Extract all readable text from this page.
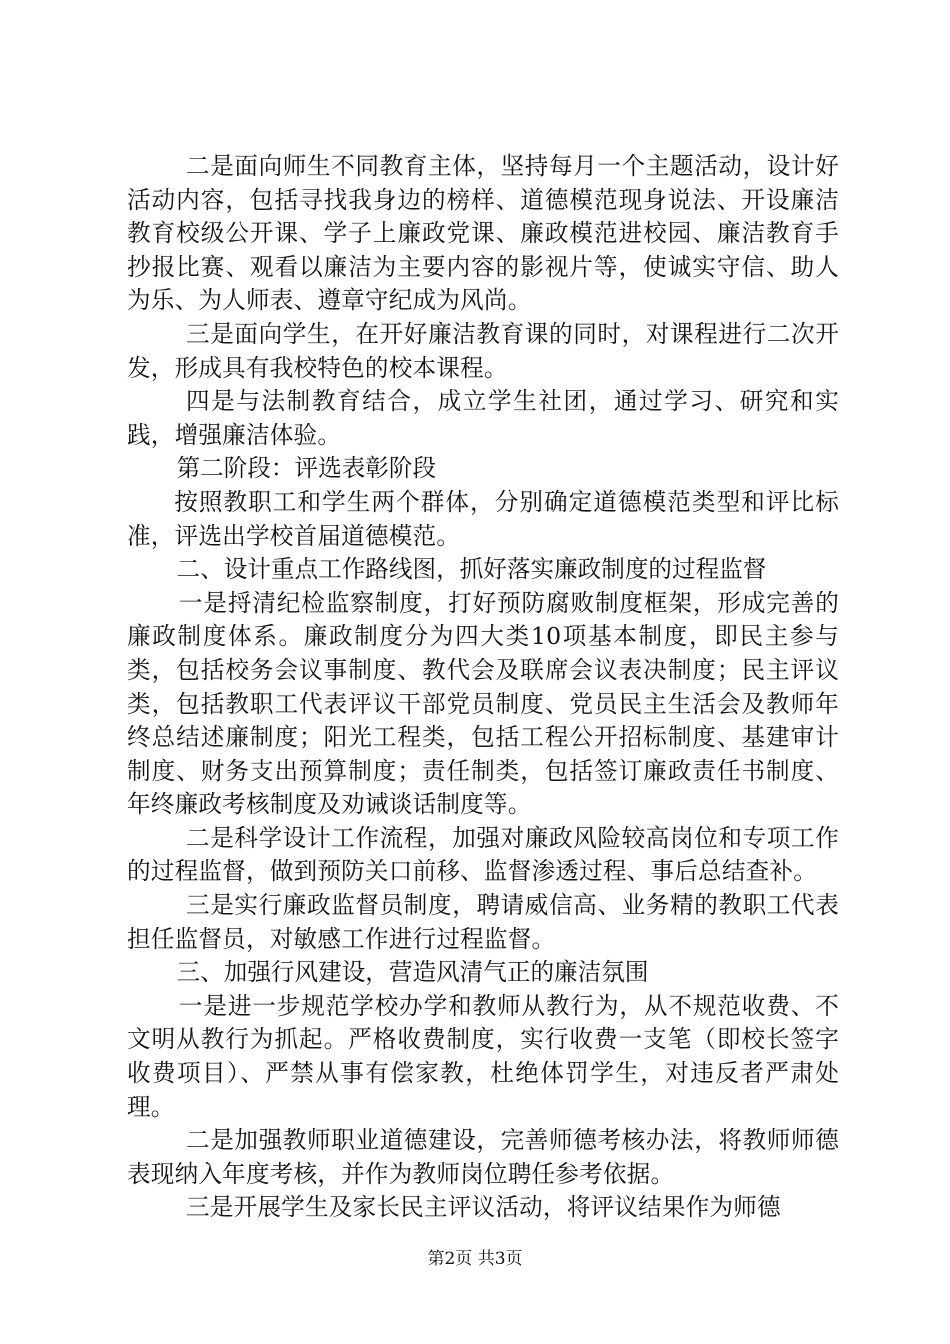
二是面向师生不同教育主体，坚持每月一个主题活动，设计好活动内容，包括寻找我身边的榜样、道德模范现身说法、开设廉洁教育校级公开课、学子上廉政党课、廉政模范进校园、廉洁教育手抄报比赛、观看以廉洁为主要内容的影视片等，使诚实守信、助人为乐、为人师表、遵章守纪成为风尚。

三是面向学生，在开好廉洁教育课的同时，对课程进行二次开发，形成具有我校特色的校本课程。

四是与法制教育结合，成立学生社团，通过学习、研究和实践，增强廉洁体验。

第二阶段：评选表彰阶段

按照教职工和学生两个群体，分别确定道德模范类型和评比标准，评选出学校首届道德模范。

二、设计重点工作路线图，抓好落实廉政制度的过程监督

一是捋清纪检监察制度，打好预防腐败制度框架，形成完善的廉政制度体系。廉政制度分为四大类10项基本制度，即民主参与类，包括校务会议事制度、教代会及联席会议表决制度；民主评议类，包括教职工代表评议干部党员制度、党员民主生活会及教师年终总结述廉制度；阳光工程类，包括工程公开招标制度、基建审计制度、财务支出预算制度；责任制类，包括签订廉政责任书制度、年终廉政考核制度及劝诫谈话制度等。

二是科学设计工作流程，加强对廉政风险较高岗位和专项工作的过程监督，做到预防关口前移、监督渗透过程、事后总结查补。

三是实行廉政监督员制度，聘请威信高、业务精的教职工代表担任监督员，对敏感工作进行过程监督。

三、加强行风建设，营造风清气正的廉洁氛围

一是进一步规范学校办学和教师从教行为，从不规范收费、不文明从教行为抓起。严格收费制度，实行收费一支笔（即校长签字收费项目）、严禁从事有偿家教，杜绝体罚学生，对违反者严肃处理。

二是加强教师职业道德建设，完善师德考核办法，将教师师德表现纳入年度考核，并作为教师岗位聘任参考依据。

三是开展学生及家长民主评议活动，将评议结果作为师德

第2页 共3页
